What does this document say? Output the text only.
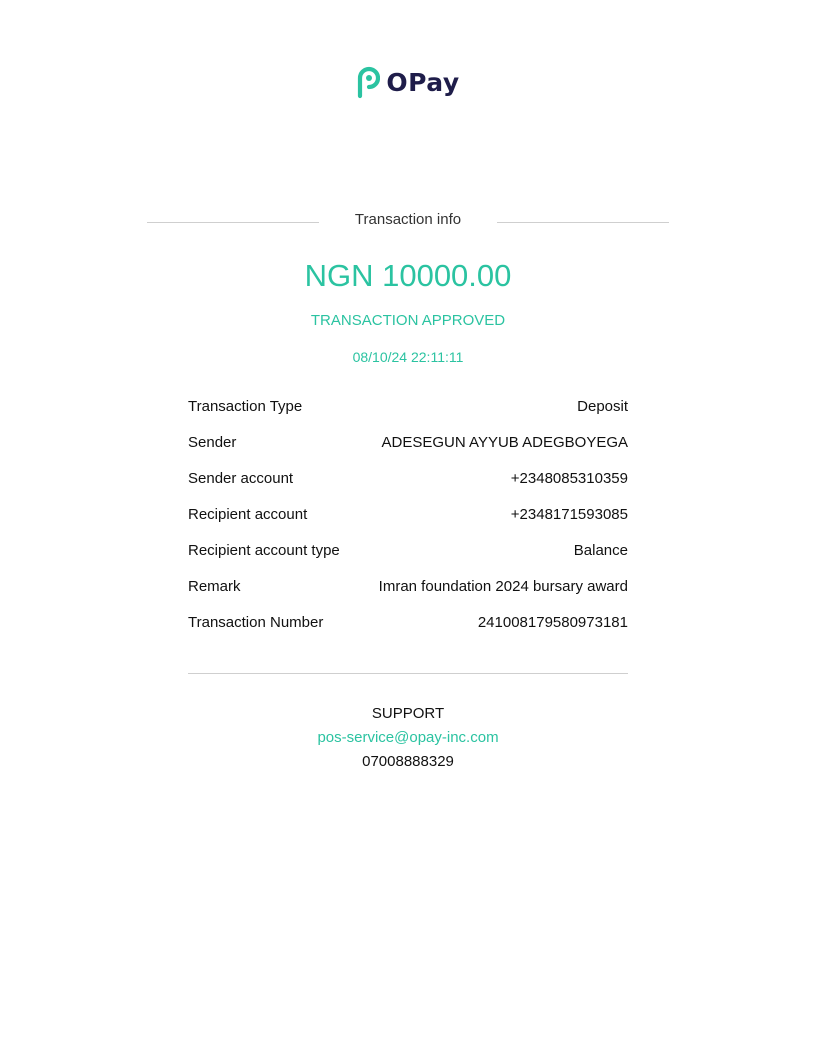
OPay
Transaction info
NGN 10000.00
TRANSACTION APPROVED
08/10/24 22:11:11
Transaction Type	Deposit
Sender	ADESEGUN AYYUB ADEGBOYEGA
Sender account	+2348085310359
Recipient account	+2348171593085
Recipient account type	Balance
Remark	Imran foundation 2024 bursary award
Transaction Number	241008179580973181
SUPPORT
pos-service@opay-inc.com
07008888329
